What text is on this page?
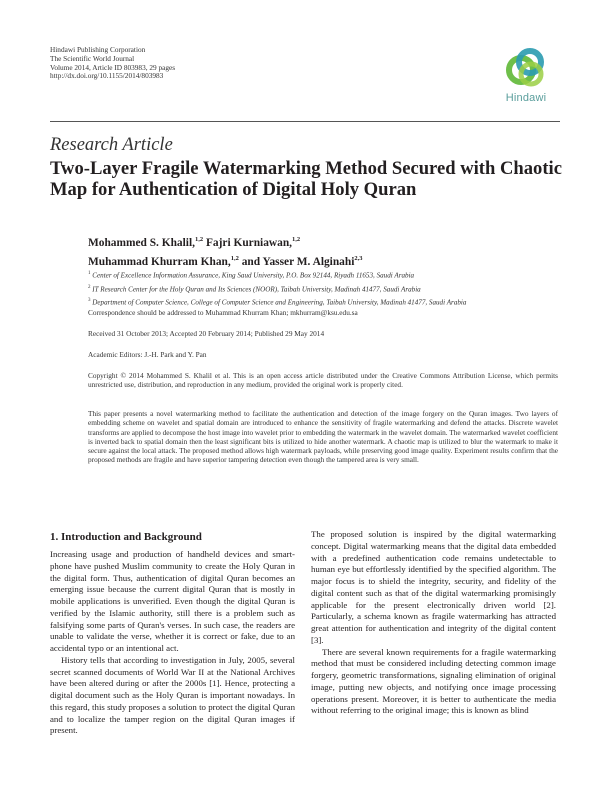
Hindawi Publishing Corporation
The Scientific World Journal
Volume 2014, Article ID 803983, 29 pages
http://dx.doi.org/10.1155/2014/803983
Hindawi
Research Article
Two-Layer Fragile Watermarking Method Secured with Chaotic Map for Authentication of Digital Holy Quran
Mohammed S. Khalil,$^{1,2}$ Fajri Kurniawan,$^{1,2}$
Muhammad Khurram Khan,$^{1,2}$ and Yasser M. Alginahi$^{2,3}$
$^1$ Center of Excellence Information Assurance, King Saud University, P.O. Box 92144, Riyadh 11653, Saudi Arabia
$^2$ IT Research Center for the Holy Quran and Its Sciences (NOOR), Taibah University, Madinah 41477, Saudi Arabia
$^3$ Department of Computer Science, College of Computer Science and Engineering, Taibah University, Madinah 41477, Saudi Arabia
Correspondence should be addressed to Muhammad Khurram Khan; mkhurram@ksu.edu.sa
Received 31 October 2013; Accepted 20 February 2014; Published 29 May 2014
Academic Editors: J.-H. Park and Y. Pan
Copyright © 2014 Mohammed S. Khalil et al. This is an open access article distributed under the Creative Commons Attribution License, which permits unrestricted use, distribution, and reproduction in any medium, provided the original work is properly cited.
This paper presents a novel watermarking method to facilitate the authentication and detection of the image forgery on the Quran images. Two layers of embedding scheme on wavelet and spatial domain are introduced to enhance the sensitivity of fragile watermarking and defend the attacks. Discrete wavelet transforms are applied to decompose the host image into wavelet prior to embedding the watermark in the wavelet domain. The watermarked wavelet coefficient is inverted back to spatial domain then the least significant bits is utilized to hide another watermark. A chaotic map is utilized to blur the watermark to make it secure against the local attack. The proposed method allows high watermark payloads, while preserving good image quality. Experiment results confirm that the proposed methods are fragile and have superior tampering detection even though the tampered area is very small.
1. Introduction and Background

Increasing usage and production of handheld devices and smart-phone have pushed Muslim community to create the Holy Quran in the digital form. Thus, authentication of digital Quran becomes an emerging issue because the current digital Quran that is mostly in mobile applications is unverified. Even though the digital Quran is verified by the Islamic authority, still there is a problem such as falsifying some parts of Quran's verses. In such case, the readers are unable to validate the verse, whether it is correct or fake, due to an accidental typo or an intentional act.

History tells that according to investigation in July, 2005, several secret scanned documents of World War II at the National Archives have been altered during or after the 2000s [1]. Hence, protecting a digital document such as the Holy Quran is important nowadays. In this regard, this study proposes a solution to protect the digital Quran and to localize the tamper region on the digital Quran images if present.

The proposed solution is inspired by the digital watermarking concept. Digital watermarking means that the digital data embedded with a predefined authentication code remains undetectable to human eye but effortlessly identified by the specified algorithm. The major focus is to shield the integrity, security, and fidelity of the digital content such as that of the digital watermarking promisingly applicable for the present electronically driven world [2]. Particularly, a schema known as fragile watermarking has attracted great attention for authentication and integrity of the digital content [3].

There are several known requirements for a fragile watermarking method that must be considered including detecting common image forgery, geometric transformations, signaling elimination of original image, putting new objects, and notifying once image processing operations present. Moreover, it is better to authenticate the media without referring to the original image; this is known as blind
